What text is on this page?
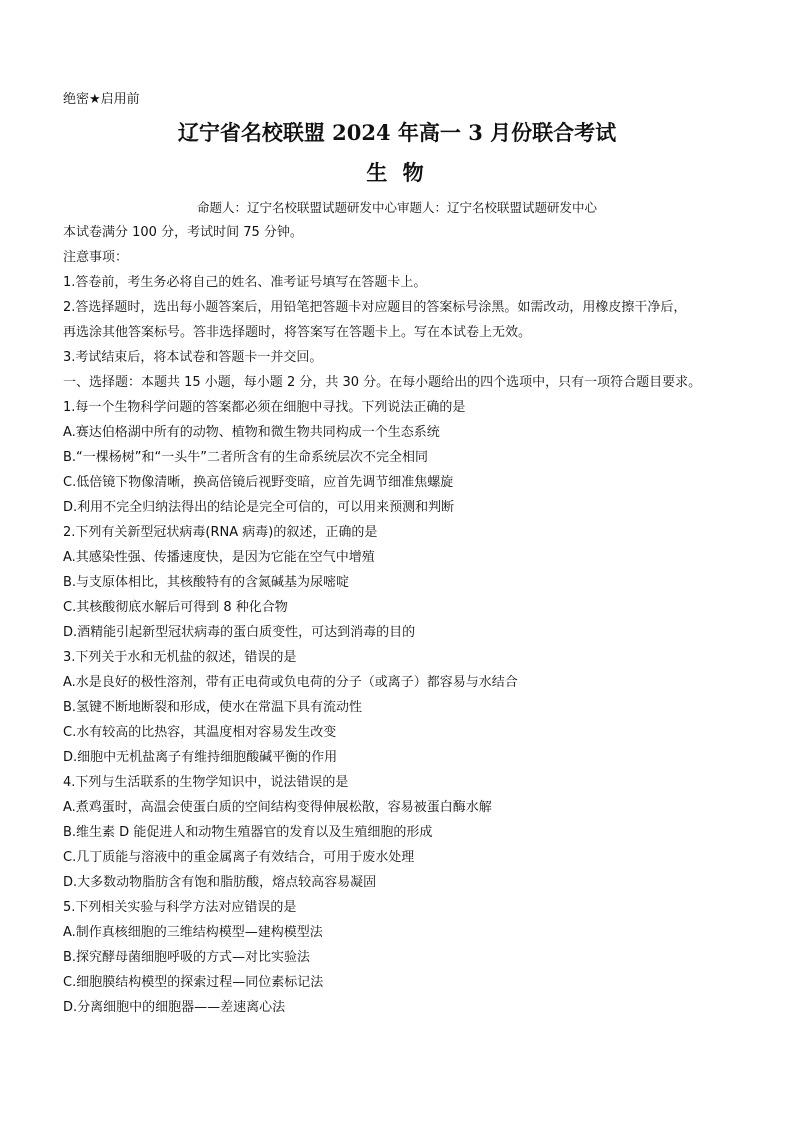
绝密★启用前
辽宁省名校联盟 2024 年高一 3 月份联合考试
生 物
命题人：辽宁名校联盟试题研发中心审题人：辽宁名校联盟试题研发中心
本试卷满分 100 分，考试时间 75 分钟。
注意事项：
1.答卷前，考生务必将自己的姓名、准考证号填写在答题卡上。
2.答选择题时，选出每小题答案后，用铅笔把答题卡对应题目的答案标号涂黑。如需改动，用橡皮擦干净后，
再选涂其他答案标号。答非选择题时，将答案写在答题卡上。写在本试卷上无效。
3.考试结束后，将本试卷和答题卡一并交回。
一、选择题：本题共 15 小题，每小题 2 分，共 30 分。在每小题给出的四个选项中，只有一项符合题目要求。
1.每一个生物科学问题的答案都必须在细胞中寻找。下列说法正确的是
A.赛达伯格湖中所有的动物、植物和微生物共同构成一个生态系统
B.“一棵杨树”和“一头牛”二者所含有的生命系统层次不完全相同
C.低倍镜下物像清晰，换高倍镜后视野变暗，应首先调节细准焦螺旋
D.利用不完全归纳法得出的结论是完全可信的，可以用来预测和判断
2.下列有关新型冠状病毒(RNA 病毒)的叙述，正确的是
A.其感染性强、传播速度快，是因为它能在空气中增殖
B.与支原体相比，其核酸特有的含氮碱基为尿嘧啶
C.其核酸彻底水解后可得到 8 种化合物
D.酒精能引起新型冠状病毒的蛋白质变性，可达到消毒的目的
3.下列关于水和无机盐的叙述，错误的是
A.水是良好的极性溶剂，带有正电荷或负电荷的分子（或离子）都容易与水结合
B.氢键不断地断裂和形成，使水在常温下具有流动性
C.水有较高的比热容，其温度相对容易发生改变
D.细胞中无机盐离子有维持细胞酸碱平衡的作用
4.下列与生活联系的生物学知识中，说法错误的是
A.煮鸡蛋时，高温会使蛋白质的空间结构变得伸展松散，容易被蛋白酶水解
B.维生素 D 能促进人和动物生殖器官的发育以及生殖细胞的形成
C.几丁质能与溶液中的重金属离子有效结合，可用于废水处理
D.大多数动物脂肪含有饱和脂肪酸，熔点较高容易凝固
5.下列相关实验与科学方法对应错误的是
A.制作真核细胞的三维结构模型—建构模型法
B.探究酵母菌细胞呼吸的方式—对比实验法
C.细胞膜结构模型的探索过程—同位素标记法
D.分离细胞中的细胞器——差速离心法
